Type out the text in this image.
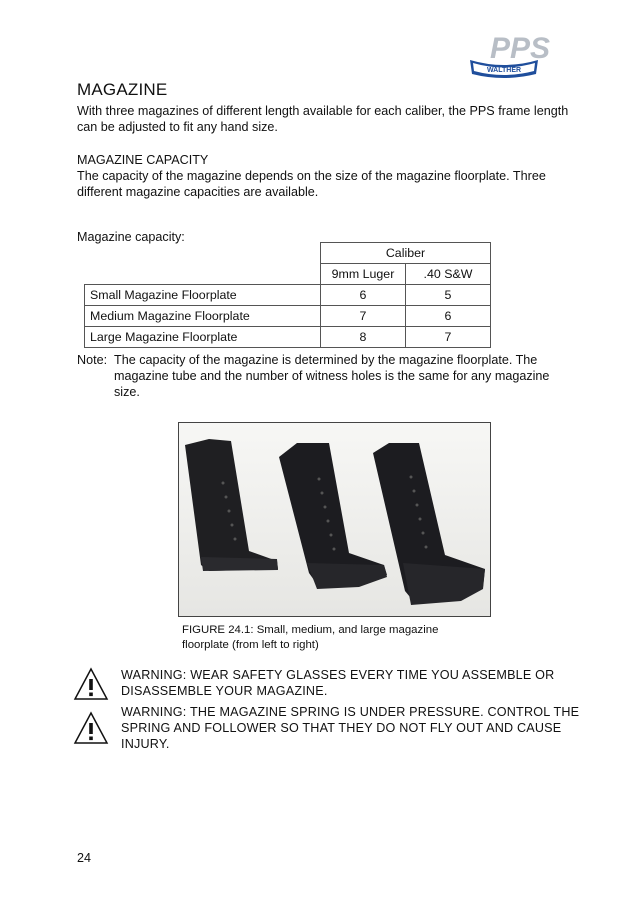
PPS
WALTHER
MAGAZINE
With three magazines of different length available for each caliber, the PPS frame length can be adjusted to fit any hand size.
MAGAZINE CAPACITY
The capacity of the magazine depends on the size of the magazine floorplate. Three different magazine capacities are available.
Magazine capacity:
	Caliber	
	9mm Luger	.40 S&W
Small Magazine Floorplate	6	5
Medium Magazine Floorplate	7	6
Large Magazine Floorplate	8	7
Note: The capacity of the magazine is determined by the magazine floorplate. The magazine tube and the number of witness holes is the same for any magazine size.
FIGURE 24.1: Small, medium, and large magazine floorplate (from left to right)
WARNING: WEAR SAFETY GLASSES EVERY TIME YOU ASSEMBLE OR DISASSEMBLE YOUR MAGAZINE.
WARNING: THE MAGAZINE SPRING IS UNDER PRESSURE. CONTROL THE SPRING AND FOLLOWER SO THAT THEY DO NOT FLY OUT AND CAUSE INJURY.
24
